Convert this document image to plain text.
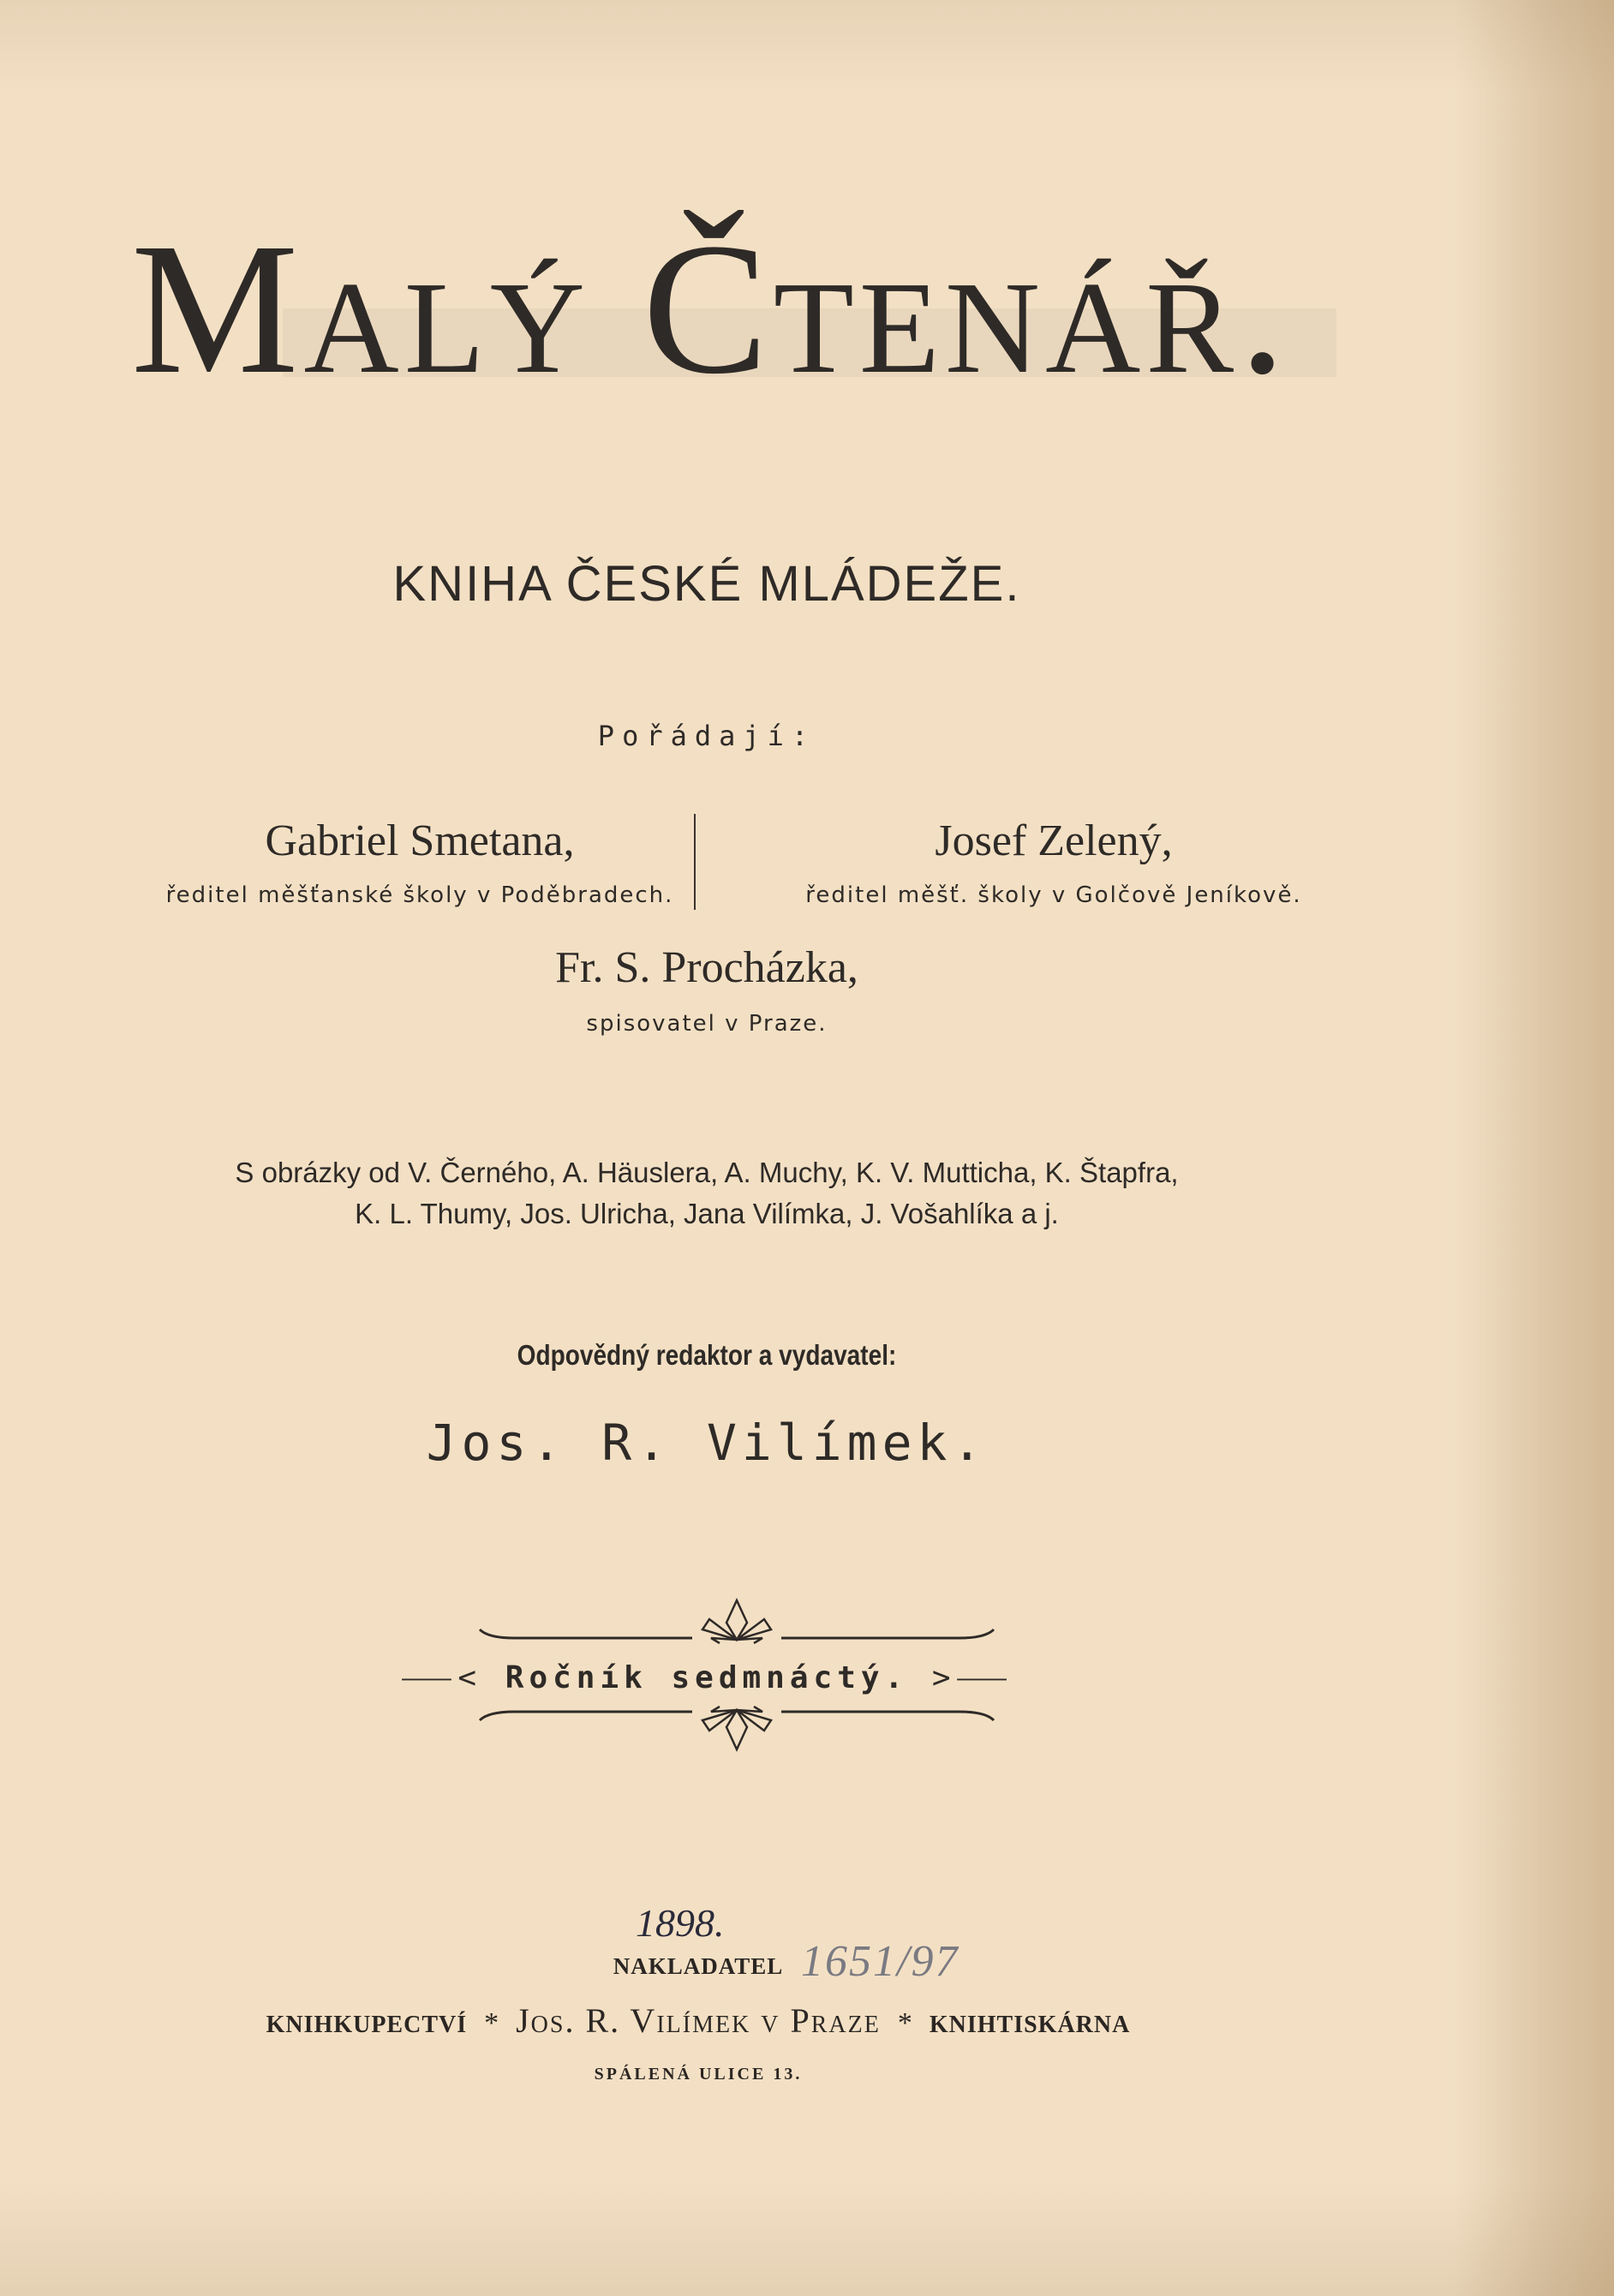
Malý Čtenář.
KNIHA ČESKÉ MLÁDEŽE.
Pořádají:
Gabriel Smetana,
ředitel měšťanské školy v Poděbradech.
Josef Zelený,
ředitel měšť. školy v Golčově Jeníkově.
Fr. S. Procházka,
spisovatel v Praze.
S obrázky od V. Černého, A. Häuslera, A. Muchy, K. V. Mutticha, K. Štapfra,
K. L. Thumy, Jos. Ulricha, Jana Vilímka, J. Vošahlíka a j.
Odpovědný redaktor a vydavatel:
Jos. R. Vilímek.
⸺< Ročník sedmnáctý. >⸺
1898.
1651/97
NAKLADATEL
KNIHKUPECTVÍ * Jos. R. Vilímek v Praze * KNIHTISKÁRNA
SPÁLENÁ ULICE 13.
